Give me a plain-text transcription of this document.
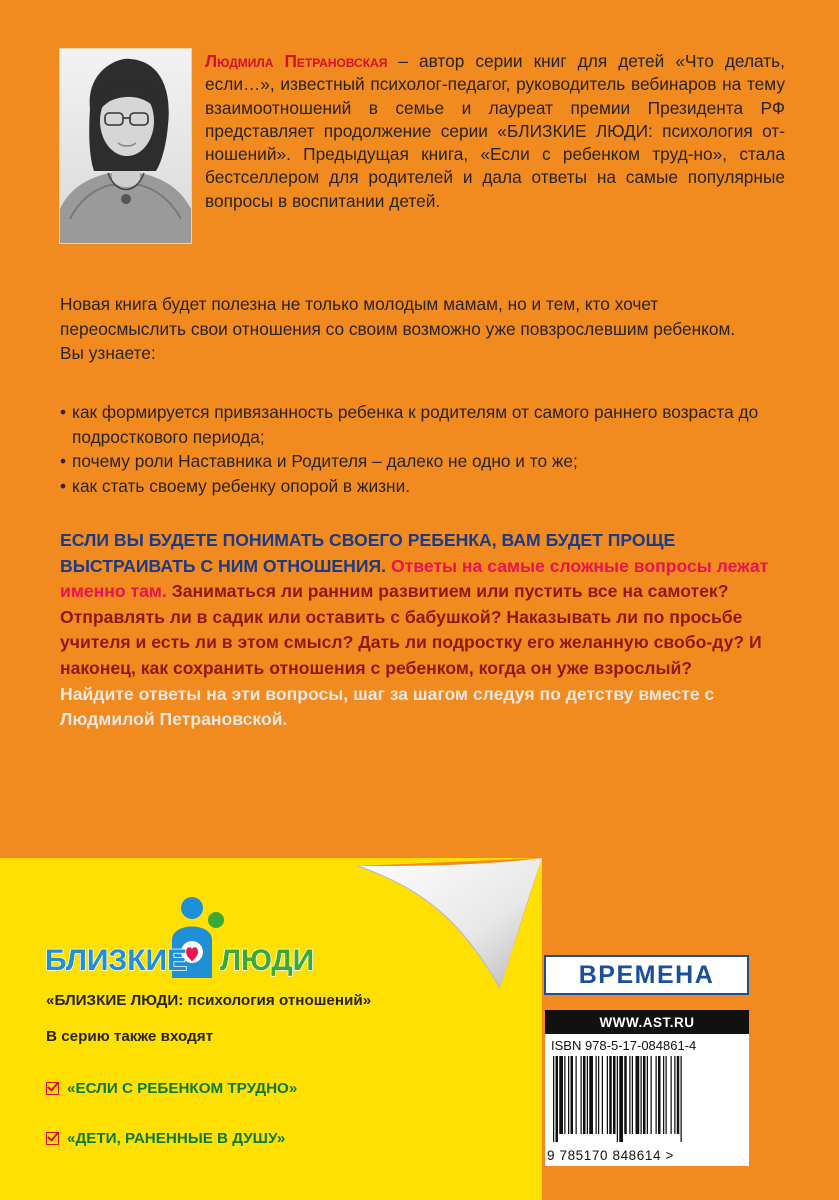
Людмила Петрановская – автор серии книг для детей «Что делать, если…», известный психолог-педагог, руководитель вебинаров на тему взаимоотношений в семье и лауреат премии Президента РФ представляет продолжение серии «БЛИЗКИЕ ЛЮДИ: психология от-ношений». Предыдущая книга, «Если с ребенком труд-но», стала бестселлером для родителей и дала ответы на самые популярные вопросы в воспитании детей.
Новая книга будет полезна не только молодым мамам, но и тем, кто хочет переосмыслить свои отношения со своим возможно уже повзрослевшим ребенком. Вы узнаете:
• как формируется привязанность ребенка к родителям от самого раннего возраста до подросткового периода;
• почему роли Наставника и Родителя – далеко не одно и то же;
• как стать своему ребенку опорой в жизни.
ЕСЛИ ВЫ БУДЕТЕ ПОНИМАТЬ СВОЕГО РЕБЕНКА, ВАМ БУДЕТ ПРОЩЕ ВЫСТРАИВАТЬ С НИМ ОТНОШЕНИЯ. Ответы на самые сложные вопросы лежат именно там. Заниматься ли ранним развитием или пустить все на самотек? Отправлять ли в садик или оставить с бабушкой? Наказывать ли по просьбе учителя и есть ли в этом смысл? Дать ли подростку его желанную свобо-ду? И наконец, как сохранить отношения с ребенком, когда он уже взрослый?
Найдите ответы на эти вопросы, шаг за шагом следуя по детству вместе с Людмилой Петрановской.
БЛИЗКИЕ ЛЮДИ
«БЛИЗКИЕ ЛЮДИ: психология отношений»
В серию также входят
«ЕСЛИ С РЕБЕНКОМ ТРУДНО»
«ДЕТИ, РАНЕННЫЕ В ДУШУ»
ВРЕМЕНА
WWW.AST.RU
ISBN 978-5-17-084861-4
9 785170 848614 >
